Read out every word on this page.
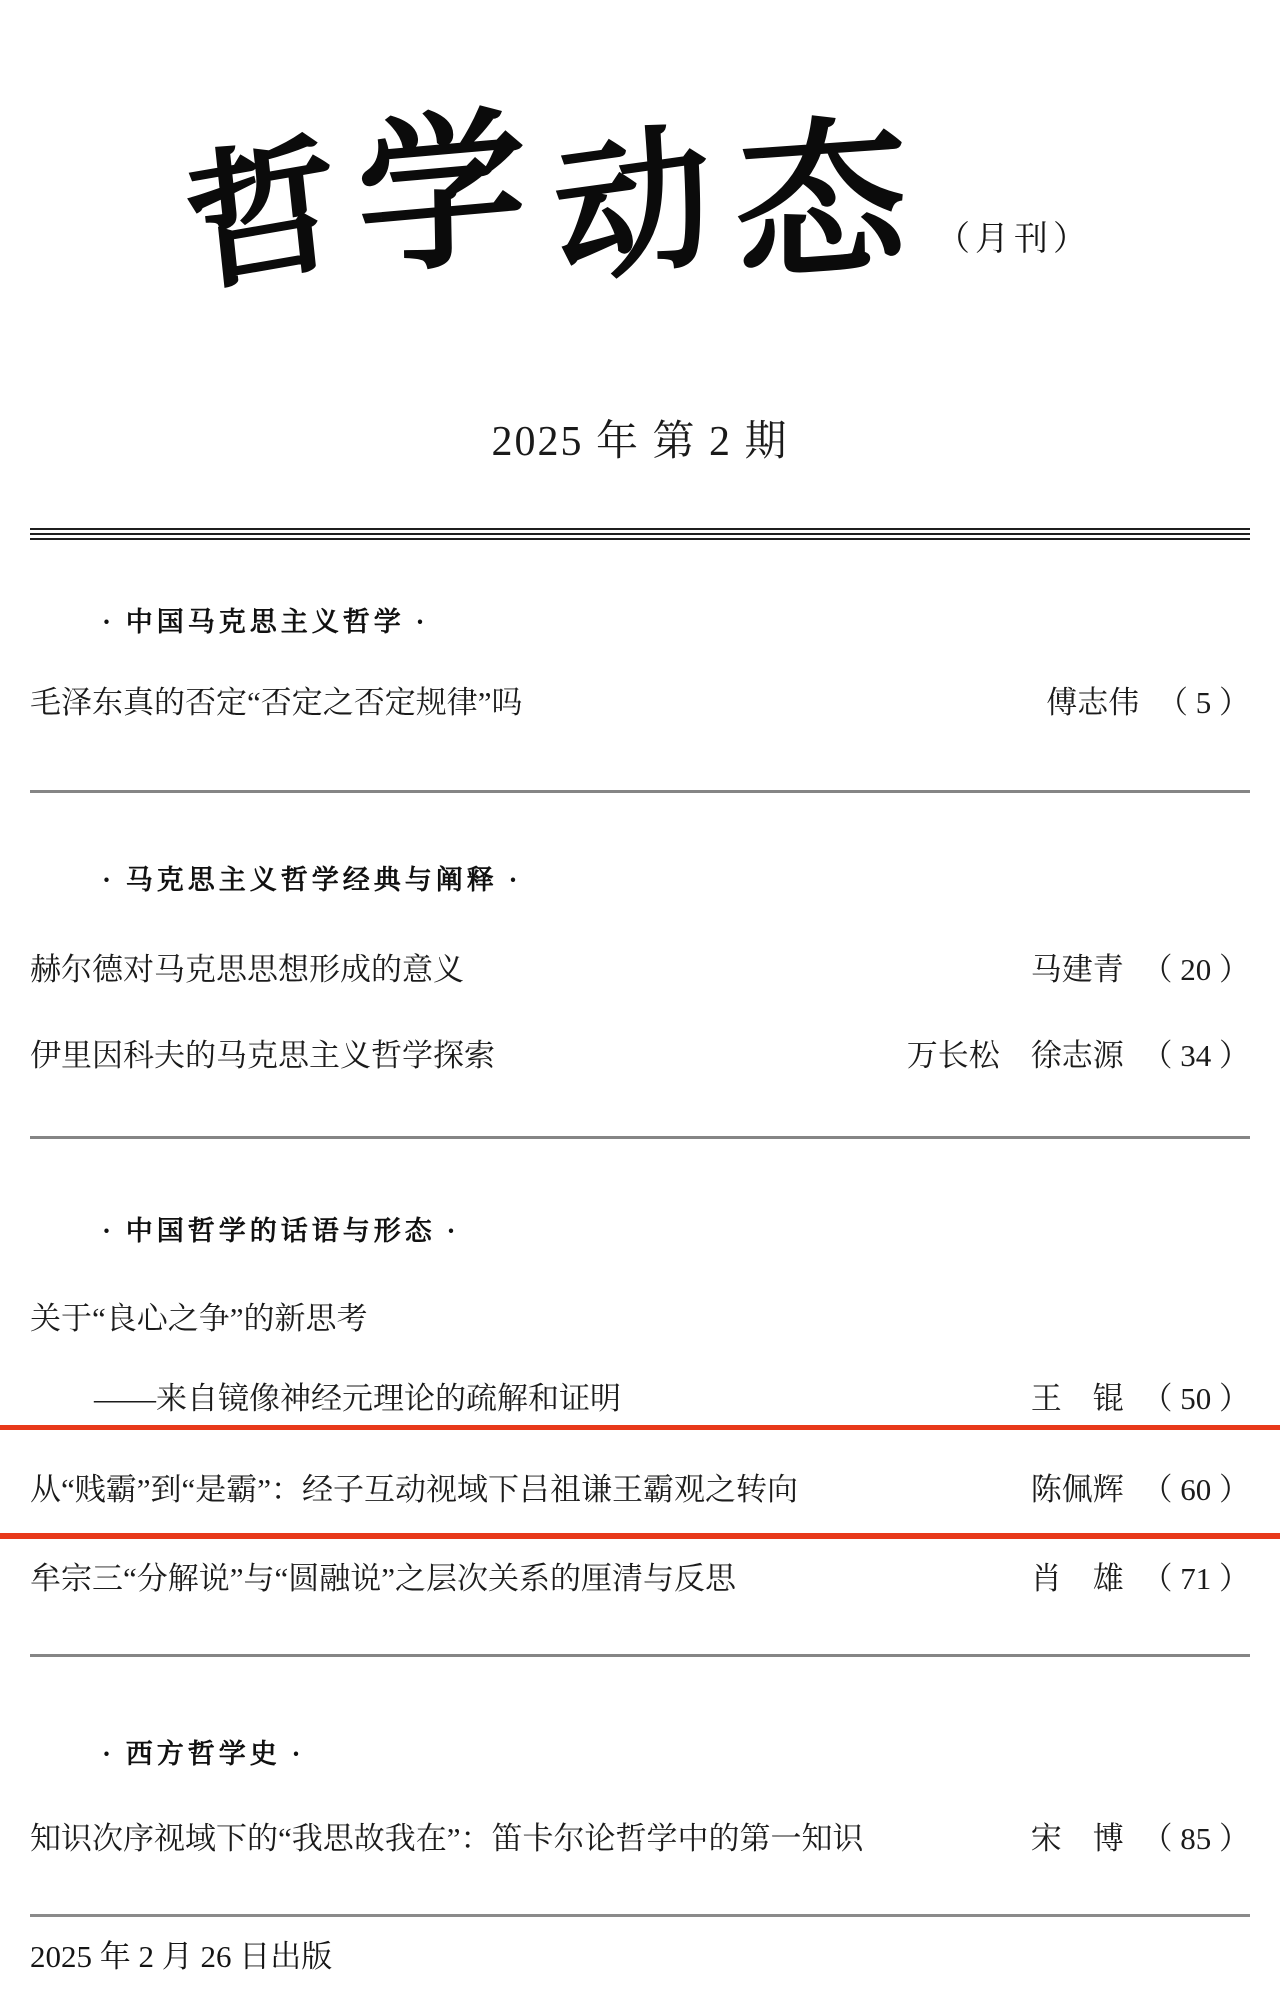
哲 学 动 态 （月刊）
2025 年 第 2 期
· 中国马克思主义哲学 ·
毛泽东真的否定“否定之否定规律”吗	傅志伟 （ 5 ）
· 马克思主义哲学经典与阐释 ·
赫尔德对马克思思想形成的意义	马建青 （ 20 ）
伊里因科夫的马克思主义哲学探索	万长松　徐志源 （ 34 ）
· 中国哲学的话语与形态 ·
关于“良心之争”的新思考
——来自镜像神经元理论的疏解和证明	王　锟 （ 50 ）
从“贱霸”到“是霸”：经子互动视域下吕祖谦王霸观之转向	陈佩辉 （ 60 ）
牟宗三“分解说”与“圆融说”之层次关系的厘清与反思	肖　雄 （ 71 ）
· 西方哲学史 ·
知识次序视域下的“我思故我在”：笛卡尔论哲学中的第一知识	宋　博 （ 85 ）
2025 年 2 月 26 日出版
